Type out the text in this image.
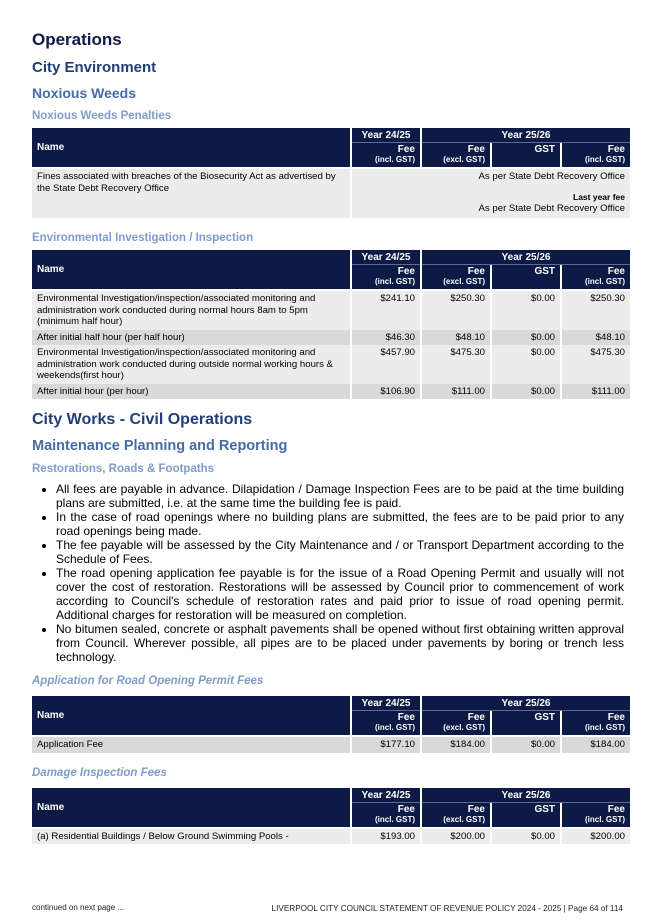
Operations
City Environment
Noxious Weeds
Noxious Weeds Penalties
Name	Year 24/25	Year 25/26		
	Fee	Fee	GST	Fee
	(incl. GST)	(excl. GST)		(incl. GST)

Fines associated with breaches of the Biosecurity Act as advertised by the State Debt Recovery Office	As per State Debt Recovery Office
Last year fee
As per State Debt Recovery Office			
Environmental Investigation / Inspection
Name	Year 24/25	Year 25/26		
	Fee	Fee	GST	Fee
	(incl. GST)	(excl. GST)		(incl. GST)

Environmental Investigation/inspection/associated monitoring and administration work conducted during normal hours 8am to 5pm (minimum half hour)	$241.10	$250.30	$0.00	$250.30
After initial half hour (per half hour)	$46.30	$48.10	$0.00	$48.10
Environmental Investigation/inspection/associated monitoring and administration work conducted during outside normal working hours & weekends(first hour)	$457.90	$475.30	$0.00	$475.30
After initial hour (per hour)	$106.90	$111.00	$0.00	$111.00
City Works - Civil Operations
Maintenance Planning and Reporting
Restorations, Roads & Footpaths
• All fees are payable in advance. Dilapidation / Damage Inspection Fees are to be paid at the time building plans are submitted, i.e. at the same time the building fee is paid.
• In the case of road openings where no building plans are submitted, the fees are to be paid prior to any road openings being made.
• The fee payable will be assessed by the City Maintenance and / or Transport Department according to the Schedule of Fees.
• The road opening application fee payable is for the issue of a Road Opening Permit and usually will not cover the cost of restoration. Restorations will be assessed by Council prior to commencement of work according to Council's schedule of restoration rates and paid prior to issue of road opening permit. Additional charges for restoration will be measured on completion.
• No bitumen sealed, concrete or asphalt pavements shall be opened without first obtaining written approval from Council. Wherever possible, all pipes are to be placed under pavements by boring or trench less technology.
Application for Road Opening Permit Fees
Name	Year 24/25	Year 25/26		
	Fee	Fee	GST	Fee
	(incl. GST)	(excl. GST)		(incl. GST)

Application Fee	$177.10	$184.00	$0.00	$184.00
Damage Inspection Fees
Name	Year 24/25	Year 25/26		
	Fee	Fee	GST	Fee
	(incl. GST)	(excl. GST)		(incl. GST)

(a) Residential Buildings / Below Ground Swimming Pools -	$193.00	$200.00	$0.00	$200.00
continued on next page ...	LIVERPOOL CITY COUNCIL STATEMENT OF REVENUE POLICY 2024 - 2025 | Page 64 of 114
